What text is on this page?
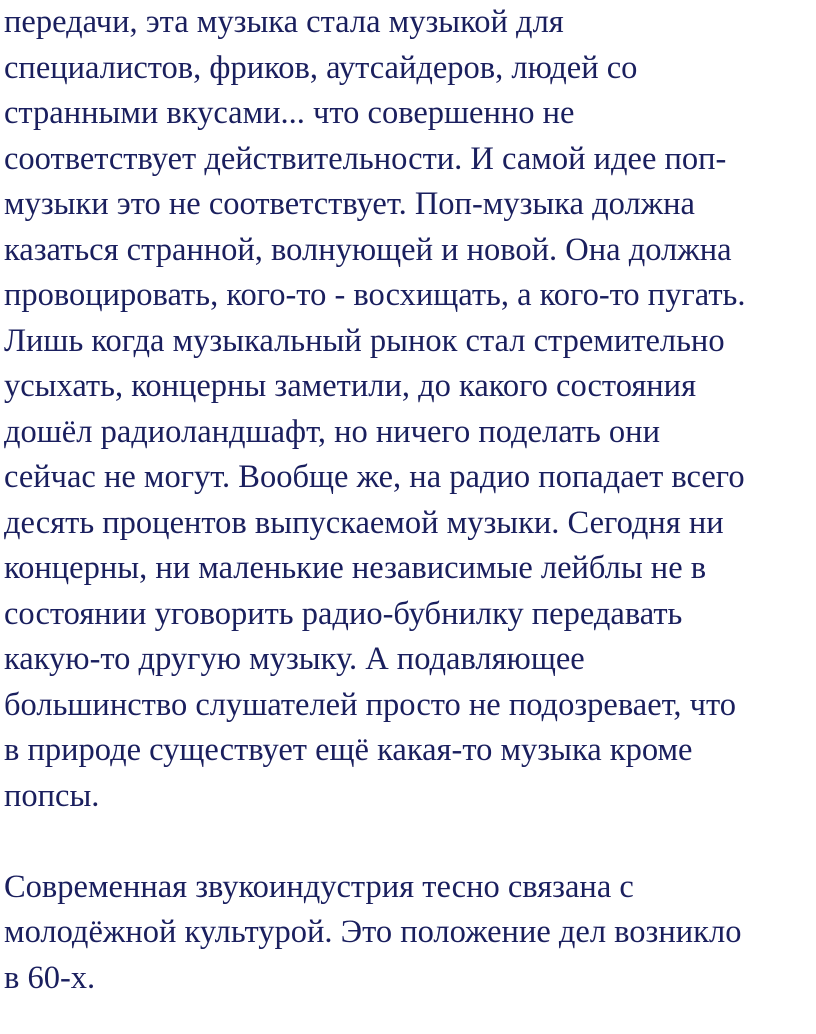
передачи, эта музыка стала музыкой для
специалистов, фриков, аутсайдеров, людей со
странными вкусами... что совершенно не
соответствует действительности. И самой идее поп-
музыки это не соответствует. Поп-музыка должна
казаться странной, волнующей и новой. Она должна
провоцировать, кого-то - восхищать, а кого-то пугать.
Лишь когда музыкальный рынок стал стремительно
усыхать, концерны заметили, до какого состояния
дошёл радиоландшафт, но ничего поделать они
сейчас не могут. Вообще же, на радио попадает всего
десять процентов выпускаемой музыки. Сегодня ни
концерны, ни маленькие независимые лейблы не в
состоянии уговорить радио-бубнилку передавать
какую-то другую музыку. А подавляющее
большинство слушателей просто не подозревает, что
в природе существует ещё какая-то музыка кроме
попсы.
Современная звукоиндустрия тесно связана с
молодёжной культурой. Это положение дел возникло
в 60-х.
